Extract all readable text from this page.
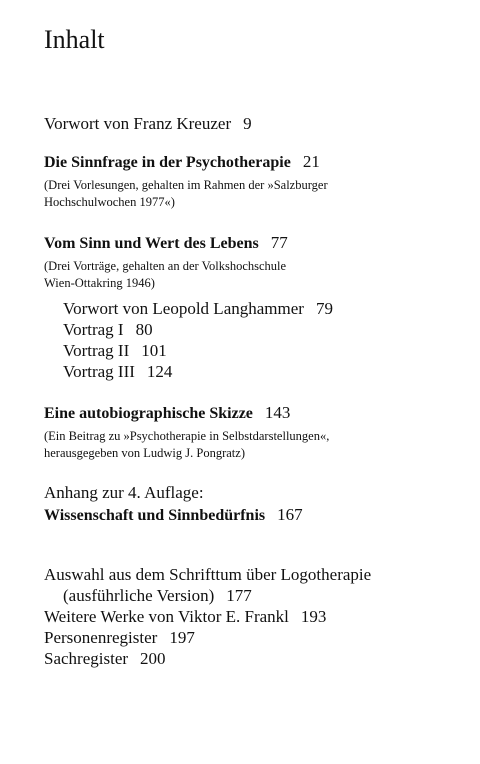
Inhalt
Vorwort von Franz Kreuzer 9
Die Sinnfrage in der Psychotherapie 21
(Drei Vorlesungen, gehalten im Rahmen der »Salzburger
Hochschulwochen 1977«)
Vom Sinn und Wert des Lebens 77
(Drei Vorträge, gehalten an der Volkshochschule
Wien-Ottakring 1946)
Vorwort von Leopold Langhammer 79
Vortrag I 80
Vortrag II 101
Vortrag III 124
Eine autobiographische Skizze 143
(Ein Beitrag zu »Psychotherapie in Selbstdarstellungen«,
herausgegeben von Ludwig J. Pongratz)
Anhang zur 4. Auflage:
Wissenschaft und Sinnbedürfnis 167
Auswahl aus dem Schrifttum über Logotherapie
(ausführliche Version) 177
Weitere Werke von Viktor E. Frankl 193
Personenregister 197
Sachregister 200
